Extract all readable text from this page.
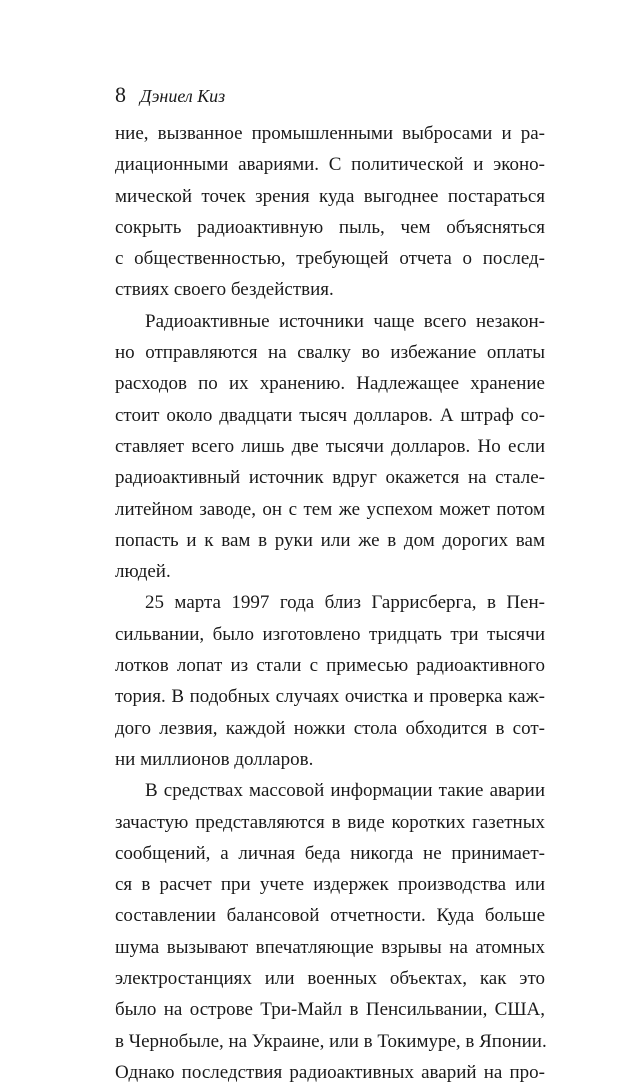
8 Дэниел Киз
ние, вызванное промышленными выбросами и ра-
диационными авариями. С политической и эконо-
мической точек зрения куда выгоднее постараться
сокрыть радиоактивную пыль, чем объясняться
с общественностью, требующей отчета о послед-
ствиях своего бездействия.
Радиоактивные источники чаще всего незакон-
но отправляются на свалку во избежание оплаты
расходов по их хранению. Надлежащее хранение
стоит около двадцати тысяч долларов. А штраф со-
ставляет всего лишь две тысячи долларов. Но если
радиоактивный источник вдруг окажется на стале-
литейном заводе, он с тем же успехом может потом
попасть и к вам в руки или же в дом дорогих вам
людей.
25 марта 1997 года близ Гаррисберга, в Пен-
сильвании, было изготовлено тридцать три тысячи
лотков лопат из стали с примесью радиоактивного
тория. В подобных случаях очистка и проверка каж-
дого лезвия, каждой ножки стола обходится в сот-
ни миллионов долларов.
В средствах массовой информации такие аварии
зачастую представляются в виде коротких газетных
сообщений, а личная беда никогда не принимает-
ся в расчет при учете издержек производства или
составлении балансовой отчетности. Куда больше
шума вызывают впечатляющие взрывы на атомных
электростанциях или военных объектах, как это
было на острове Три-Майл в Пенсильвании, США,
в Чернобыле, на Украине, или в Токимуре, в Японии.
Однако последствия радиоактивных аварий на про-
